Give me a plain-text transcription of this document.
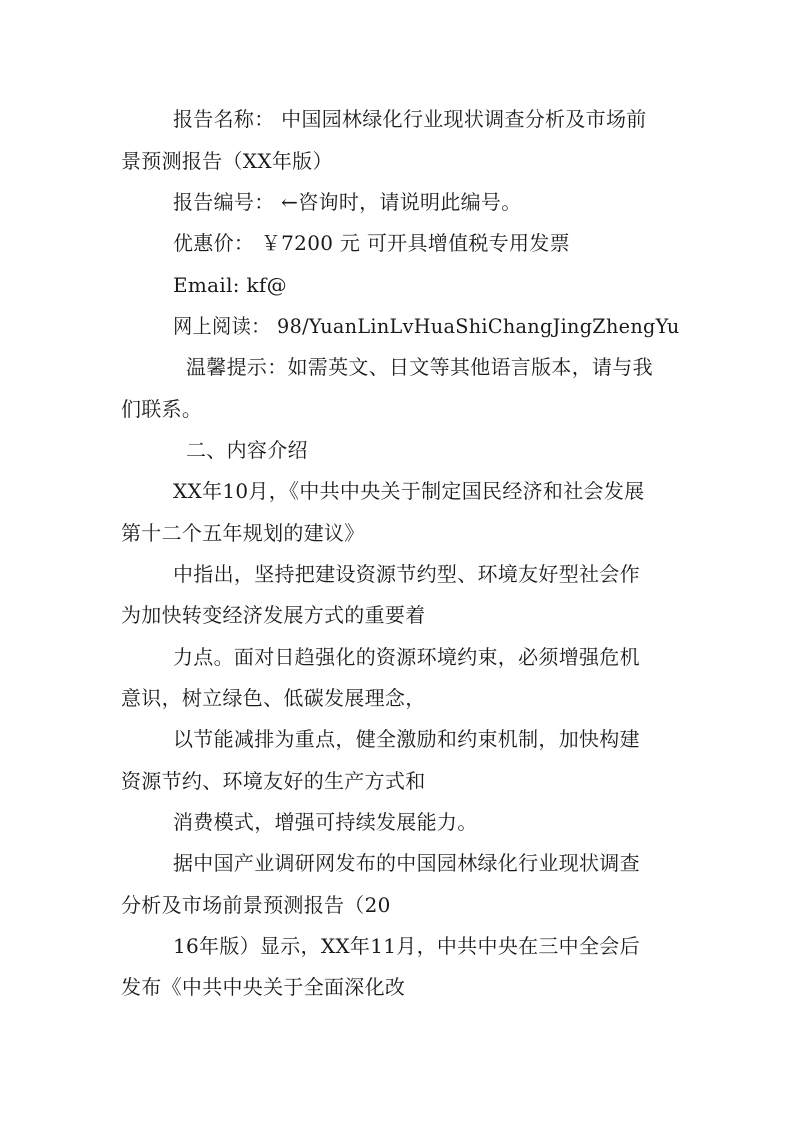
报告名称： 中国园林绿化行业现状调查分析及市场前
景预测报告（XX年版）
报告编号： ←咨询时，请说明此编号。
优惠价： ￥7200 元 可开具增值税专用发票
Email: kf@
网上阅读： 98/YuanLinLvHuaShiChangJingZhengYu
温馨提示：如需英文、日文等其他语言版本，请与我
们联系。
二、内容介绍
XX年10月，《中共中央关于制定国民经济和社会发展
第十二个五年规划的建议》
中指出，坚持把建设资源节约型、环境友好型社会作
为加快转变经济发展方式的重要着
力点。面对日趋强化的资源环境约束，必须增强危机
意识，树立绿色、低碳发展理念，
以节能减排为重点，健全激励和约束机制，加快构建
资源节约、环境友好的生产方式和
消费模式，增强可持续发展能力。
据中国产业调研网发布的中国园林绿化行业现状调查
分析及市场前景预测报告（20
16年版）显示，XX年11月，中共中央在三中全会后
发布《中共中央关于全面深化改
